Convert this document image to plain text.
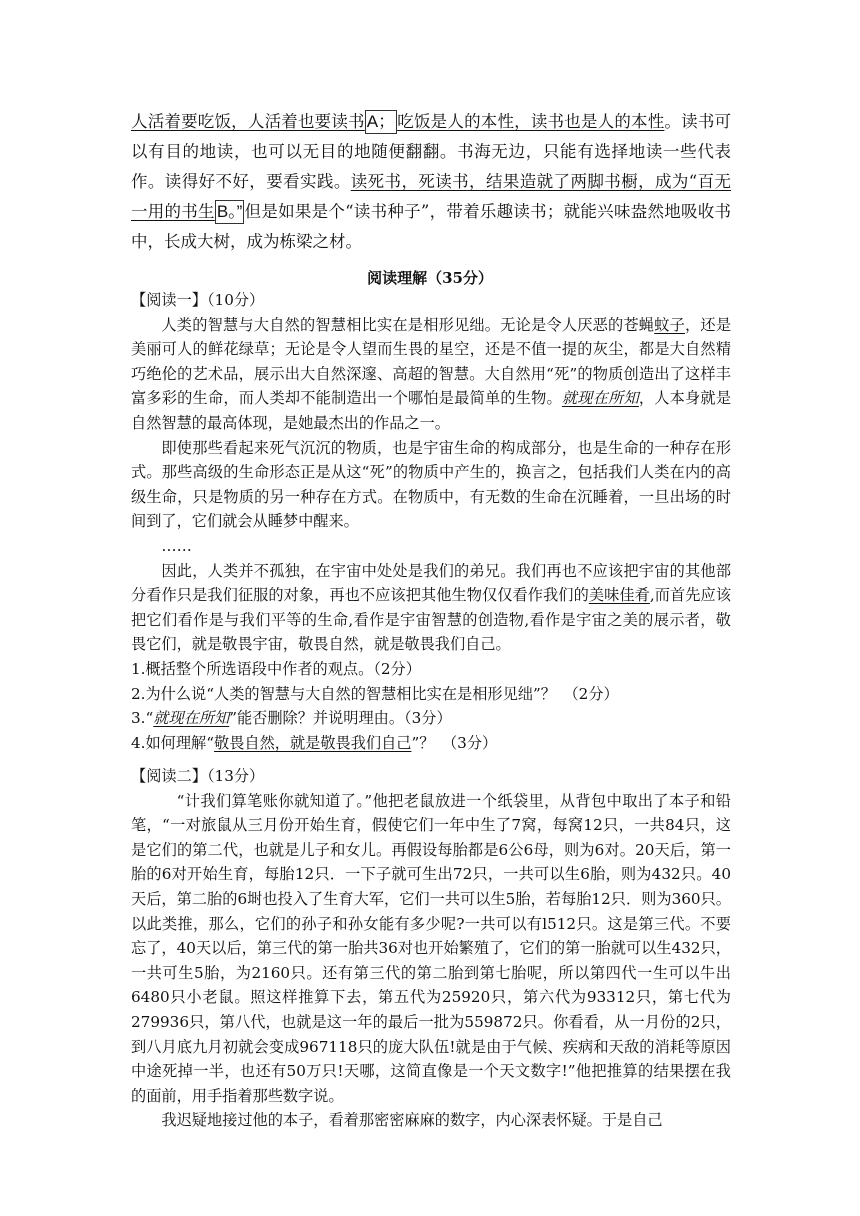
人活着要吃饭，人活着也要读书 A； 吃饭是人的本性，读书也是人的本性。读书可以有目的地读，也可以无目的地随便翻翻。书海无边，只能有选择地读一些代表作。读得好不好，要看实践。读死书，死读书，结果造就了两脚书橱，成为“百无一用的书生 B。” 但是如果是个“读书种子”，带着乐趣读书；就能兴味盎然地吸收书中，长成大树，成为栋梁之材。
阅读理解（35分）

【阅读一】（10分）

人类的智慧与大自然的智慧相比实在是相形见绌。无论是令人厌恶的苍蝇蚊子，还是美丽可人的鲜花绿草；无论是令人望而生畏的星空，还是不值一提的灰尘，都是大自然精巧绝伦的艺术品，展示出大自然深邃、高超的智慧。大自然用“死”的物质创造出了这样丰富多彩的生命，而人类却不能制造出一个哪怕是最简单的生物。就现在所知，人本身就是自然智慧的最高体现，是她最杰出的作品之一。

即使那些看起来死气沉沉的物质，也是宇宙生命的构成部分，也是生命的一种存在形式。那些高级的生命形态正是从这“死”的物质中产生的，换言之，包括我们人类在内的高级生命，只是物质的另一种存在方式。在物质中，有无数的生命在沉睡着，一旦出场的时间到了，它们就会从睡梦中醒来。

……

因此，人类并不孤独，在宇宙中处处是我们的弟兄。我们再也不应该把宇宙的其他部分看作只是我们征服的对象，再也不应该把其他生物仅仅看作我们的美味佳肴,而首先应该把它们看作是与我们平等的生命,看作是宇宙智慧的创造物,看作是宇宙之美的展示者，敬畏它们，就是敬畏宇宙，敬畏自然，就是敬畏我们自己。

1.概括整个所选语段中作者的观点。（2分）

2.为什么说“人类的智慧与大自然的智慧相比实在是相形见绌”？　（2分）

3.“就现在所知”能否删除？并说明理由。（3分）

4.如何理解“敬畏自然，就是敬畏我们自己”？　（3分）

【阅读二】（13分）

“计我们算笔账你就知道了。”他把老鼠放进一个纸袋里，从背包中取出了本子和铅笔，“一对旅鼠从三月份开始生育，假使它们一年中生了7窝，每窝12只，一共84只，这是它们的第二代，也就是儿子和女儿。再假设每胎都是6公6母，则为6对。20天后，第一胎的6对开始生育，每胎12只．一下子就可生出72只，一共可以生6胎，则为432只。40天后，第二胎的6埘也投入了生育大军，它们一共可以生5胎，若每胎12只．则为360只。以此类推，那么，它们的孙子和孙女能有多少呢?一共可以有l512只。这是第三代。不要忘了，40天以后，第三代的第一胎共36对也开始繁殖了，它们的第一胎就可以生432只，一共可生5胎，为2160只。还有第三代的第二胎到第七胎呢，所以第四代一生可以牛出6480只小老鼠。照这样推算下去，第五代为25920只，第六代为93312只，第七代为279936只，第八代，也就是这一年的最后一批为559872只。你看看，从一月份的2只，到八月底九月初就会变成967118只的庞大队伍!就是由于气候、疾病和天敌的消耗等原因中途死掉一半，也还有50万只!天哪，这简直像是一个天文数字!”他把推算的结果摆在我的面前，用手指着那些数字说。

我迟疑地接过他的本子，看着那密密麻麻的数字，内心深表怀疑。于是自己
